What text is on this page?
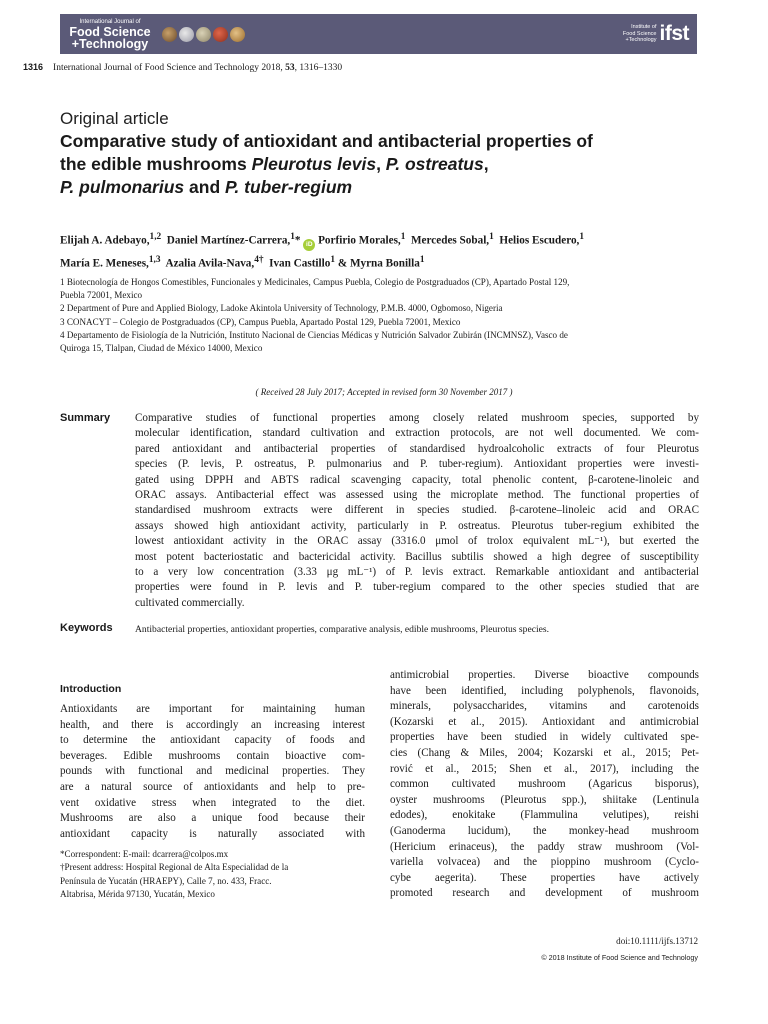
International Journal of
Food Science
+Technology
Institute of
Food Science
+Technology ifst
1316 International Journal of Food Science and Technology 2018, 53, 1316–1330
Original article
Comparative study of antioxidant and antibacterial properties of
the edible mushrooms Pleurotus levis, P. ostreatus,
P. pulmonarius and P. tuber-regium
Elijah A. Adebayo,$^{1,2}$ Daniel Martínez-Carrera,$^1$* iD Porfirio Morales,$^1$ Mercedes Sobal,$^1$ Helios Escudero,$^1$
María E. Meneses,$^{1,3}$ Azalia Avila-Nava,$^{4\dagger}$ Ivan Castillo$^1$ & Myrna Bonilla$^1$
1 Biotecnología de Hongos Comestibles, Funcionales y Medicinales, Campus Puebla, Colegio de Postgraduados (CP), Apartado Postal 129,
Puebla 72001, Mexico
2 Department of Pure and Applied Biology, Ladoke Akintola University of Technology, P.M.B. 4000, Ogbomoso, Nigeria
3 CONACYT – Colegio de Postgraduados (CP), Campus Puebla, Apartado Postal 129, Puebla 72001, Mexico
4 Departamento de Fisiología de la Nutrición, Instituto Nacional de Ciencias Médicas y Nutrición Salvador Zubirán (INCMNSZ), Vasco de
Quiroga 15, Tlalpan, Ciudad de México 14000, Mexico
( Received 28 July 2017; Accepted in revised form 30 November 2017 )
Summary Comparative studies of functional properties among closely related mushroom species, supported by
molecular identification, standard cultivation and extraction protocols, are not well documented. We com-
pared antioxidant and antibacterial properties of standardised hydroalcoholic extracts of four Pleurotus
species (P. levis, P. ostreatus, P. pulmonarius and P. tuber-regium). Antioxidant properties were investi-
gated using DPPH and ABTS radical scavenging capacity, total phenolic content, β-carotene-linoleic and
ORAC assays. Antibacterial effect was assessed using the microplate method. The functional properties of
standardised mushroom extracts were different in species studied. β-carotene–linoleic acid and ORAC
assays showed high antioxidant activity, particularly in P. ostreatus. Pleurotus tuber-regium exhibited the
lowest antioxidant activity in the ORAC assay (3316.0 μmol of trolox equivalent mL⁻¹), but exerted the
most potent bacteriostatic and bactericidal activity. Bacillus subtilis showed a high degree of susceptibility
to a very low concentration (3.33 μg mL⁻¹) of P. levis extract. Remarkable antioxidant and antibacterial
properties were found in P. levis and P. tuber-regium compared to the other species studied that are
cultivated commercially.
Keywords Antibacterial properties, antioxidant properties, comparative analysis, edible mushrooms, Pleurotus species.
Introduction
Antioxidants are important for maintaining human
health, and there is accordingly an increasing interest
to determine the antioxidant capacity of foods and
beverages. Edible mushrooms contain bioactive com-
pounds with functional and medicinal properties. They
are a natural source of antioxidants and help to pre-
vent oxidative stress when integrated to the diet.
Mushrooms are also a unique food because their
antioxidant capacity is naturally associated with
antimicrobial properties. Diverse bioactive compounds
have been identified, including polyphenols, flavonoids,
minerals, polysaccharides, vitamins and carotenoids
(Kozarski et al., 2015). Antioxidant and antimicrobial
properties have been studied in widely cultivated spe-
cies (Chang & Miles, 2004; Kozarski et al., 2015; Pet-
rović et al., 2015; Shen et al., 2017), including the
common cultivated mushroom (Agaricus bisporus),
oyster mushrooms (Pleurotus spp.), shiitake (Lentinula
edodes), enokitake (Flammulina velutipes), reishi
(Ganoderma lucidum), the monkey-head mushroom
(Hericium erinaceus), the paddy straw mushroom (Vol-
variella volvacea) and the pioppino mushroom (Cyclo-
cybe aegerita). These properties have actively
promoted research and development of mushroom
*Correspondent: E-mail: dcarrera@colpos.mx
†Present address: Hospital Regional de Alta Especialidad de la
Península de Yucatán (HRAEPY), Calle 7, no. 433, Fracc.
Altabrisa, Mérida 97130, Yucatán, Mexico
doi:10.1111/ijfs.13712
© 2018 Institute of Food Science and Technology
